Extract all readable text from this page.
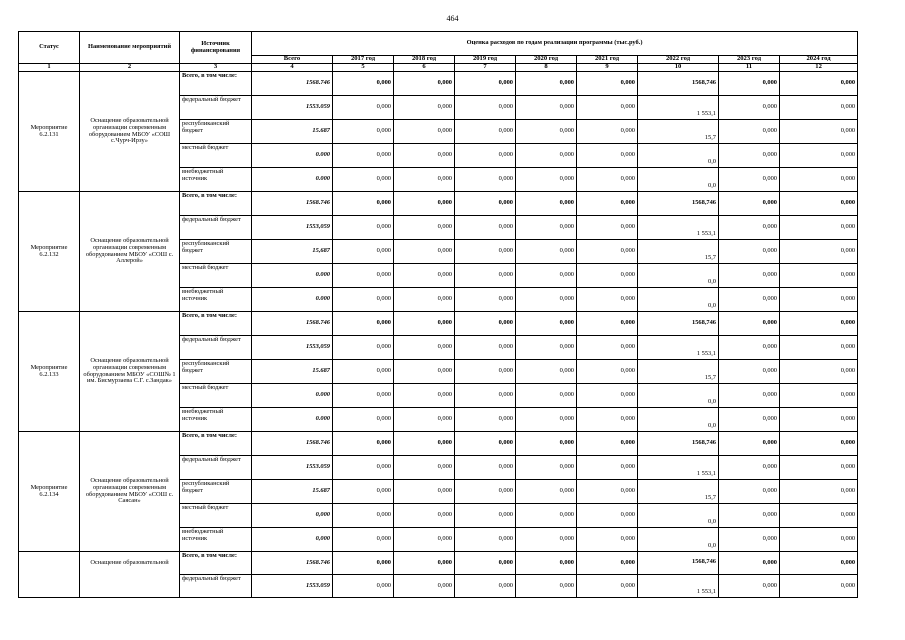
464
Статус	Наименование мероприятий	Источник финансирования	Оценка расходов по годам реализации программы (тыс.руб.)								
			Всего	2017 год	2018 год	2019 год	2020 год	2021 год	2022 год	2023 год	2024 год
1	2	3	4	5	6	7	8	9	10	11	12
Мероприятие 6.2.131	Оснащение образовательной организации современным оборудованием МБОУ «СОШ с.Чурч-Ирзу»	Всего, в том числе:	1568.746	0,000	0,000	0,000	0,000	0,000	1568,746	0,000	0,000
		федеральный бюджет	1553.059	0,000	0,000	0,000	0,000	0,000	1 553,1	0,000	0,000
		республиканский бюджет	15.687	0,000	0,000	0,000	0,000	0,000	15,7	0,000	0,000
		местный бюджет	0.000	0,000	0,000	0,000	0,000	0,000	0,0	0,000	0,000
		внебюджетный источник	0.000	0,000	0,000	0,000	0,000	0,000	0,0	0,000	0,000
Мероприятие 6.2.132	Оснащение образовательной организации современным оборудованием МБОУ «СОШ с. Аллерой»	Всего, в том числе:	1568.746	0,000	0,000	0,000	0,000	0,000	1568,746	0,000	0,000
		федеральный бюджет	1553,059	0,000	0,000	0,000	0,000	0,000	1 553,1	0,000	0,000
		республиканский бюджет	15,687	0,000	0,000	0,000	0,000	0,000	15,7	0,000	0,000
		местный бюджет	0.000	0,000	0,000	0,000	0,000	0,000	0,0	0,000	0,000
		внебюджетный источник	0.000	0,000	0,000	0,000	0,000	0,000	0,0	0,000	0,000
Мероприятие 6.2.133	Оснащение образовательной организации современным оборудованием МБОУ «СОШ№ 1 им. Бисмурзаева С.Г. с.Зандак»	Всего, в том числе:	1568.746	0,000	0,000	0,000	0,000	0,000	1568,746	0,000	0,000
		федеральный бюджет	1553,059	0,000	0,000	0,000	0,000	0,000	1 553,1	0,000	0,000
		республиканский бюджет	15.687	0,000	0,000	0,000	0,000	0,000	15,7	0,000	0,000
		местный бюджет	0.000	0,000	0,000	0,000	0,000	0,000	0,0	0,000	0,000
		внебюджетный источник	0.000	0,000	0,000	0,000	0,000	0,000	0,0	0,000	0,000
Мероприятие 6.2.134	Оснащение образовательной организации современным оборудованием МБОУ «СОШ с. Саясан»	Всего, в том числе:	1568.746	0,000	0,000	0,000	0,000	0,000	1568,746	0,000	0,000
		федеральный бюджет	1553.059	0,000	0,000	0,000	0,000	0,000	1 553,1	0,000	0,000
		республиканский бюджет	15.687	0,000	0,000	0,000	0,000	0,000	15,7	0,000	0,000
		местный бюджет	0,000	0,000	0,000	0,000	0,000	0,000	0,0	0,000	0,000
		внебюджетный источник	0,000	0,000	0,000	0,000	0,000	0,000	0,0	0,000	0,000
	Оснащение образовательной	Всего, в том числе:	1568.746	0,000	0,000	0,000	0,000	0,000	1568,746	0,000	0,000
		федеральный бюджет	1553.059	0,000	0,000	0,000	0,000	0,000	1 553,1	0,000	0,000
